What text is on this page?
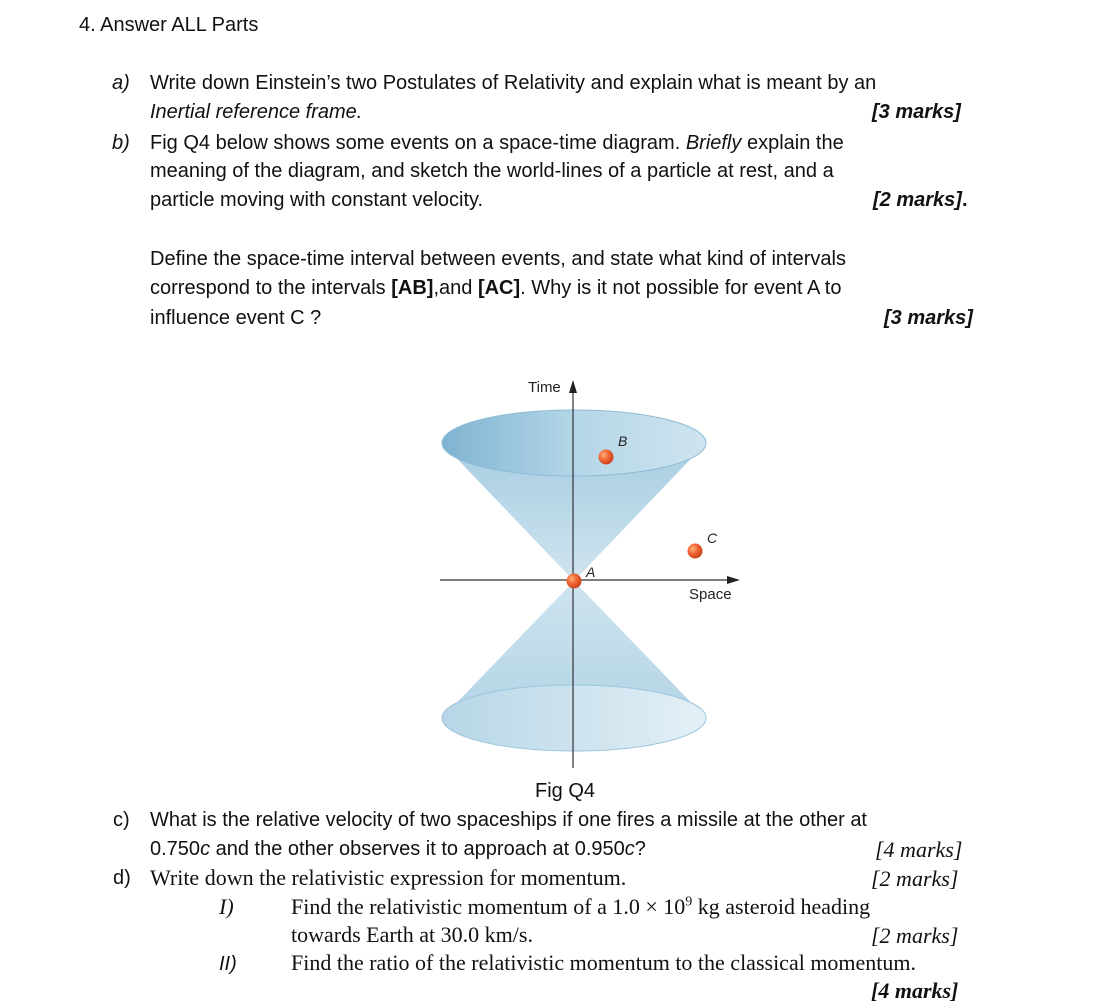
4. Answer ALL Parts
a) Write down Einstein’s two Postulates of Relativity and explain what is meant by an
Inertial reference frame.	[3 marks]
b) Fig Q4 below shows some events on a space-time diagram. Briefly explain the
meaning of the diagram, and sketch the world-lines of a particle at rest, and a
particle moving with constant velocity.	[2 marks].
Define the space-time interval between events, and state what kind of intervals
correspond to the intervals [AB],and [AC]. Why is it not possible for event A to
influence event C ?	[3 marks]
Time
Space
B
C
A
Fig Q4
c) What is the relative velocity of two spaceships if one fires a missile at the other at
0.750c and the other observes it to approach at 0.950c?	[4 marks]
d) Write down the relativistic expression for momentum.	[2 marks]
I)	Find the relativistic momentum of a $1.0 \times 10^9$ kg asteroid heading
towards Earth at 30.0 km/s.	[2 marks]
II) Find the ratio of the relativistic momentum to the classical momentum.
[4 marks]
